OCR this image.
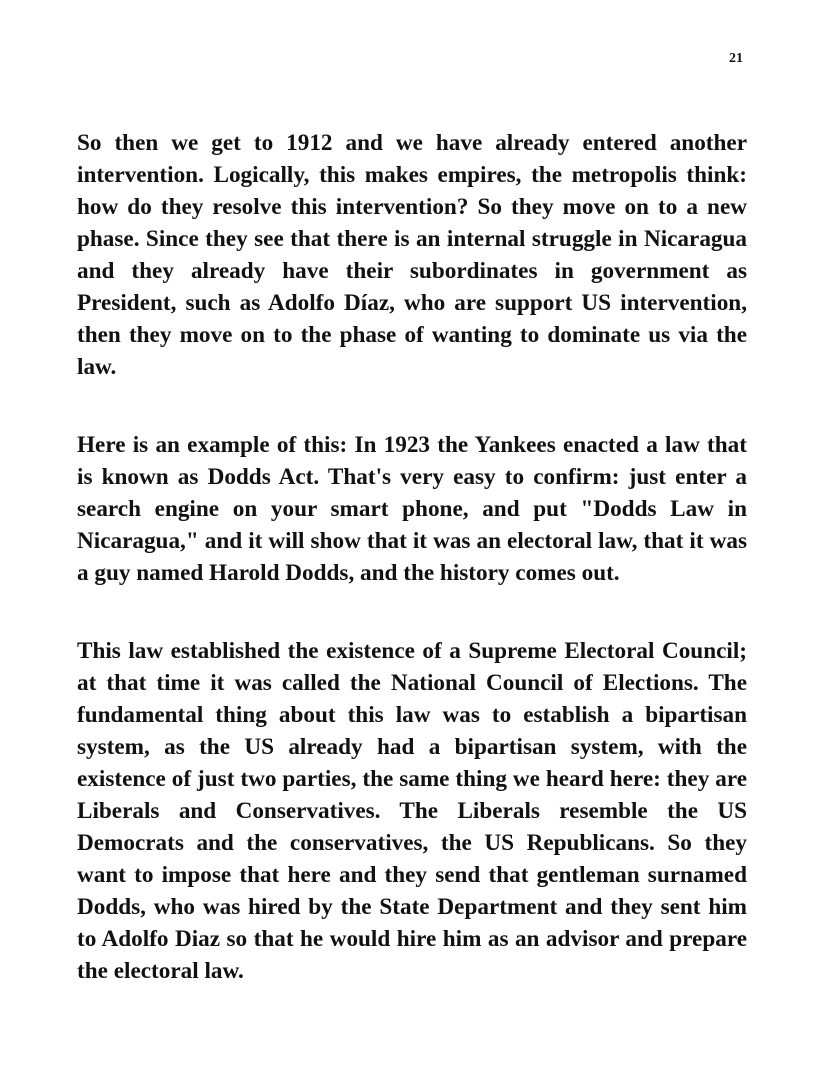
21

So then we get to 1912 and we have already entered another intervention. Logically, this makes empires, the metropolis think: how do they resolve this intervention? So they move on to a new phase. Since they see that there is an internal struggle in Nicaragua and they already have their subordinates in government as President, such as Adolfo Díaz, who are support US intervention, then they move on to the phase of wanting to dominate us via the law.

Here is an example of this: In 1923 the Yankees enacted a law that is known as Dodds Act. That's very easy to confirm: just enter a search engine on your smart phone, and put "Dodds Law in Nicaragua," and it will show that it was an electoral law, that it was a guy named Harold Dodds, and the history comes out.

This law established the existence of a Supreme Electoral Council; at that time it was called the National Council of Elections. The fundamental thing about this law was to establish a bipartisan system, as the US already had a bipartisan system, with the existence of just two parties, the same thing we heard here: they are Liberals and Conservatives. The Liberals resemble the US Democrats and the conservatives, the US Republicans. So they want to impose that here and they send that gentleman surnamed Dodds, who was hired by the State Department and they sent him to Adolfo Diaz so that he would hire him as an advisor and prepare the electoral law.
